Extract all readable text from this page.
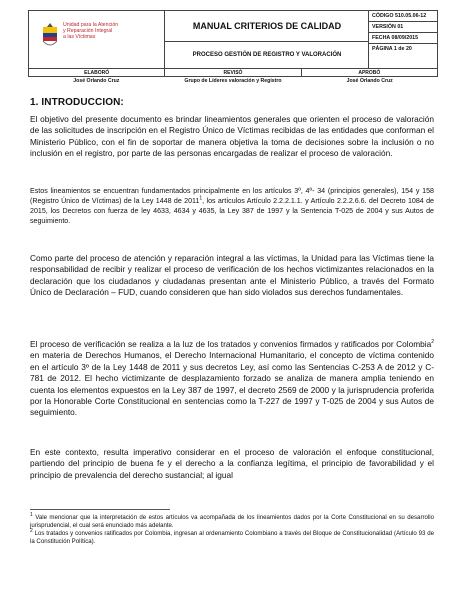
Unidad para la Atención
y Reparación Integral
a las Víctimas
MANUAL CRITERIOS DE CALIDAD
PROCESO GESTIÓN DE REGISTRO Y VALORACIÓN
CÓDIGO 510.05.06-12
VERSIÓN 01
FECHA 08/09/2015
PÁGINA 1 de 20
ELABORÓ	REVISÓ	APROBÓ
José Orlando Cruz	Grupo de Líderes valoración y Registro	José Orlando Cruz
1. INTRODUCCION:
El objetivo del presente documento es brindar lineamientos generales que orienten el proceso de valoración de las solicitudes de inscripción en el Registro Único de Víctimas recibidas de las entidades que conforman el Ministerio Público, con el fin de soportar de manera objetiva la toma de decisiones sobre la inclusión o no inclusión en el registro, por parte de las personas encargadas de realizar el proceso de valoración.
Estos lineamientos se encuentran fundamentados principalmente en los artículos 3º, 4º- 34 (principios generales), 154 y 158 (Registro Único de Víctimas) de la Ley 1448 de 2011$^1$, los artículos Artículo 2.2.2.1.1. y Artículo 2.2.2.6.6. del Decreto 1084 de 2015, los Decretos con fuerza de ley 4633, 4634 y 4635, la Ley 387 de 1997 y la Sentencia T-025 de 2004 y sus Autos de seguimiento.
Como parte del proceso de atención y reparación integral a las víctimas, la Unidad para las Víctimas tiene la responsabilidad de recibir y realizar el proceso de verificación de los hechos victimizantes relacionados en la declaración que los ciudadanos y ciudadanas presentan ante el Ministerio Público, a través del Formato Único de Declaración – FUD, cuando consideren que han sido violados sus derechos fundamentales.
El proceso de verificación se realiza a la luz de los tratados y convenios firmados y ratificados por Colombia$^2$ en materia de Derechos Humanos, el Derecho Internacional Humanitario, el concepto de víctima contenido en el artículo 3º de la Ley 1448 de 2011 y sus decretos Ley, así como las Sentencias C-253 A de 2012 y C-781 de 2012. El hecho victimizante de desplazamiento forzado se analiza de manera amplia teniendo en cuenta los elementos expuestos en la Ley 387 de 1997, el decreto 2569 de 2000 y la jurisprudencia proferida por la Honorable Corte Constitucional en sentencias como la T-227 de 1997 y T-025 de 2004 y sus Autos de seguimiento.
En este contexto, resulta imperativo considerar en el proceso de valoración el enfoque constitucional, partiendo del principio de buena fe y el derecho a la confianza legítima, el principio de favorabilidad y el principio de prevalencia del derecho sustancial; al igual
$^1$ Vale mencionar que la interpretación de estos artículos va acompañada de los lineamientos dados por la Corte Constitucional en su desarrollo jurisprudencial, el cual será enunciado más adelante.
$^2$ Los tratados y convenios ratificados por Colombia, ingresan al ordenamiento Colombiano a través del Bloque de Constitucionalidad (Artículo 93 de la Constitución Política).
